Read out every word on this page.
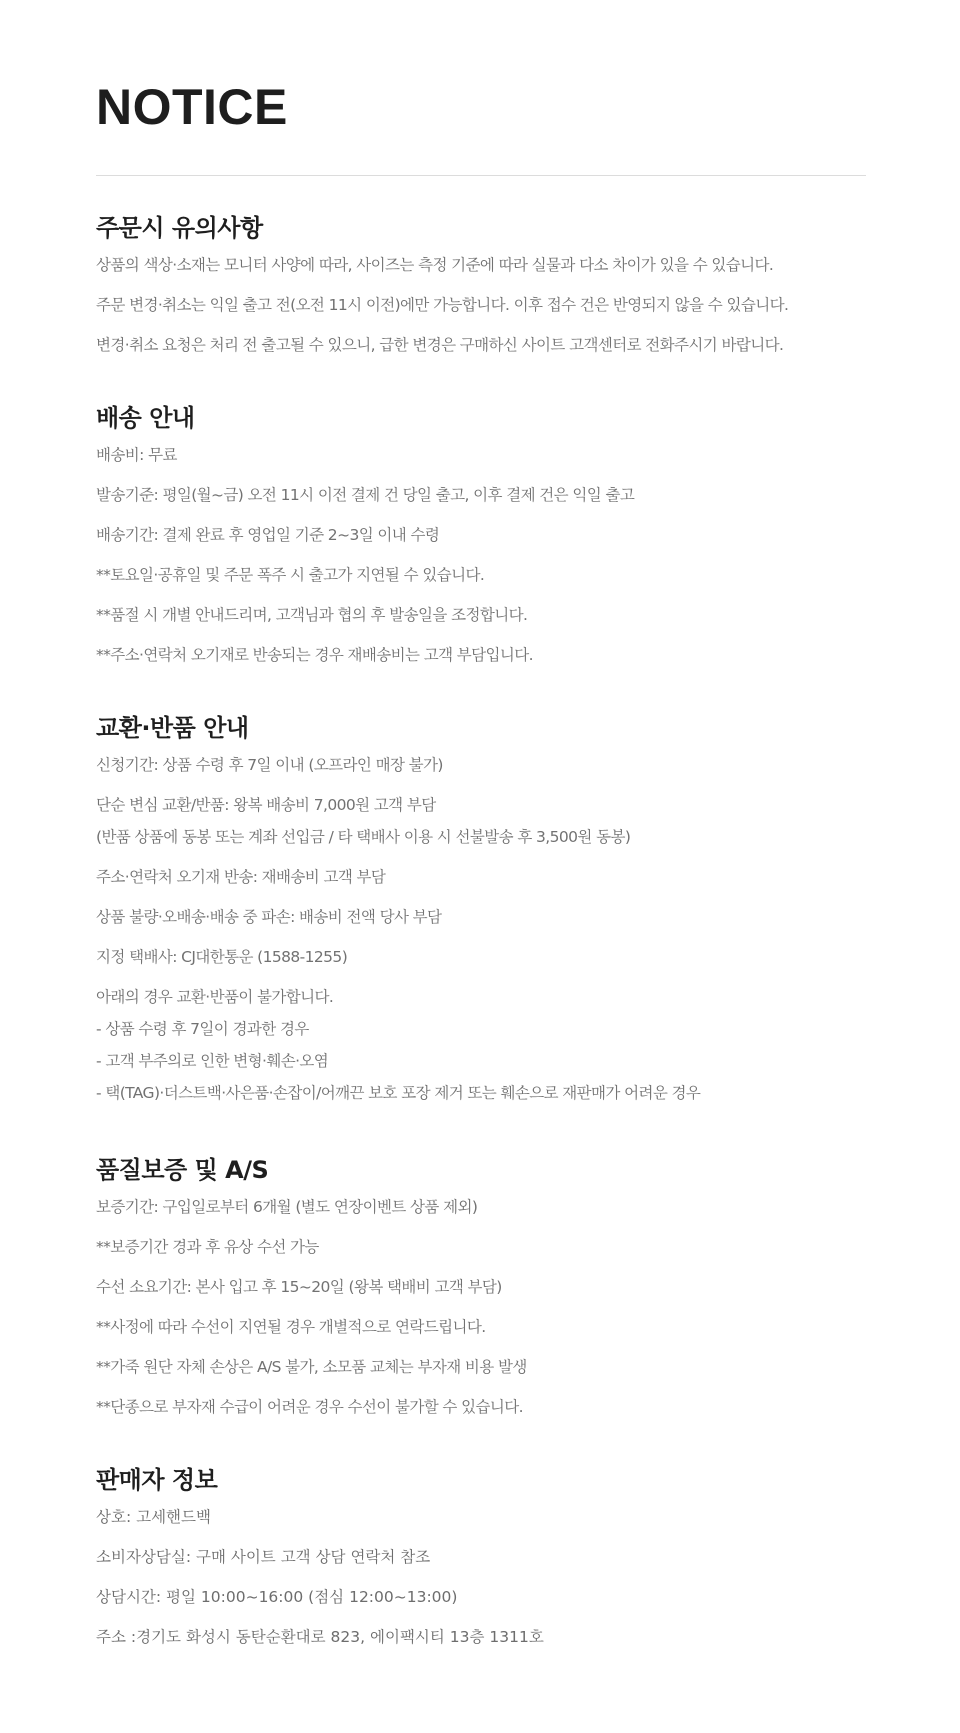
NOTICE
주문시 유의사항

상품의 색상·소재는 모니터 사양에 따라, 사이즈는 측정 기준에 따라 실물과 다소 차이가 있을 수 있습니다.

주문 변경·취소는 익일 출고 전(오전 11시 이전)에만 가능합니다. 이후 접수 건은 반영되지 않을 수 있습니다.

변경·취소 요청은 처리 전 출고될 수 있으니, 급한 변경은 구매하신 사이트 고객센터로 전화주시기 바랍니다.

배송 안내

배송비: 무료

발송기준: 평일(월~금) 오전 11시 이전 결제 건 당일 출고, 이후 결제 건은 익일 출고

배송기간: 결제 완료 후 영업일 기준 2~3일 이내 수령

**토요일·공휴일 및 주문 폭주 시 출고가 지연될 수 있습니다.

**품절 시 개별 안내드리며, 고객님과 협의 후 발송일을 조정합니다.

**주소·연락처 오기재로 반송되는 경우 재배송비는 고객 부담입니다.

교환·반품 안내

신청기간: 상품 수령 후 7일 이내 (오프라인 매장 불가)

단순 변심 교환/반품: 왕복 배송비 7,000원 고객 부담

(반품 상품에 동봉 또는 계좌 선입금 / 타 택배사 이용 시 선불발송 후 3,500원 동봉)

주소·연락처 오기재 반송: 재배송비 고객 부담

상품 불량·오배송·배송 중 파손: 배송비 전액 당사 부담

지정 택배사: CJ대한통운 (1588-1255)

아래의 경우 교환·반품이 불가합니다.

- 상품 수령 후 7일이 경과한 경우

- 고객 부주의로 인한 변형·훼손·오염

- 택(TAG)·더스트백·사은품·손잡이/어깨끈 보호 포장 제거 또는 훼손으로 재판매가 어려운 경우

품질보증 및 A/S

보증기간: 구입일로부터 6개월 (별도 연장이벤트 상품 제외)

**보증기간 경과 후 유상 수선 가능

수선 소요기간: 본사 입고 후 15~20일 (왕복 택배비 고객 부담)

**사정에 따라 수선이 지연될 경우 개별적으로 연락드립니다.

**가죽 원단 자체 손상은 A/S 불가, 소모품 교체는 부자재 비용 발생

**단종으로 부자재 수급이 어려운 경우 수선이 불가할 수 있습니다.

판매자 정보

상호: 고세핸드백

소비자상담실: 구매 사이트 고객 상담 연락처 참조

상담시간: 평일 10:00~16:00 (점심 12:00~13:00)

주소 :경기도 화성시 동탄순환대로 823, 에이팩시티 13층 1311호
